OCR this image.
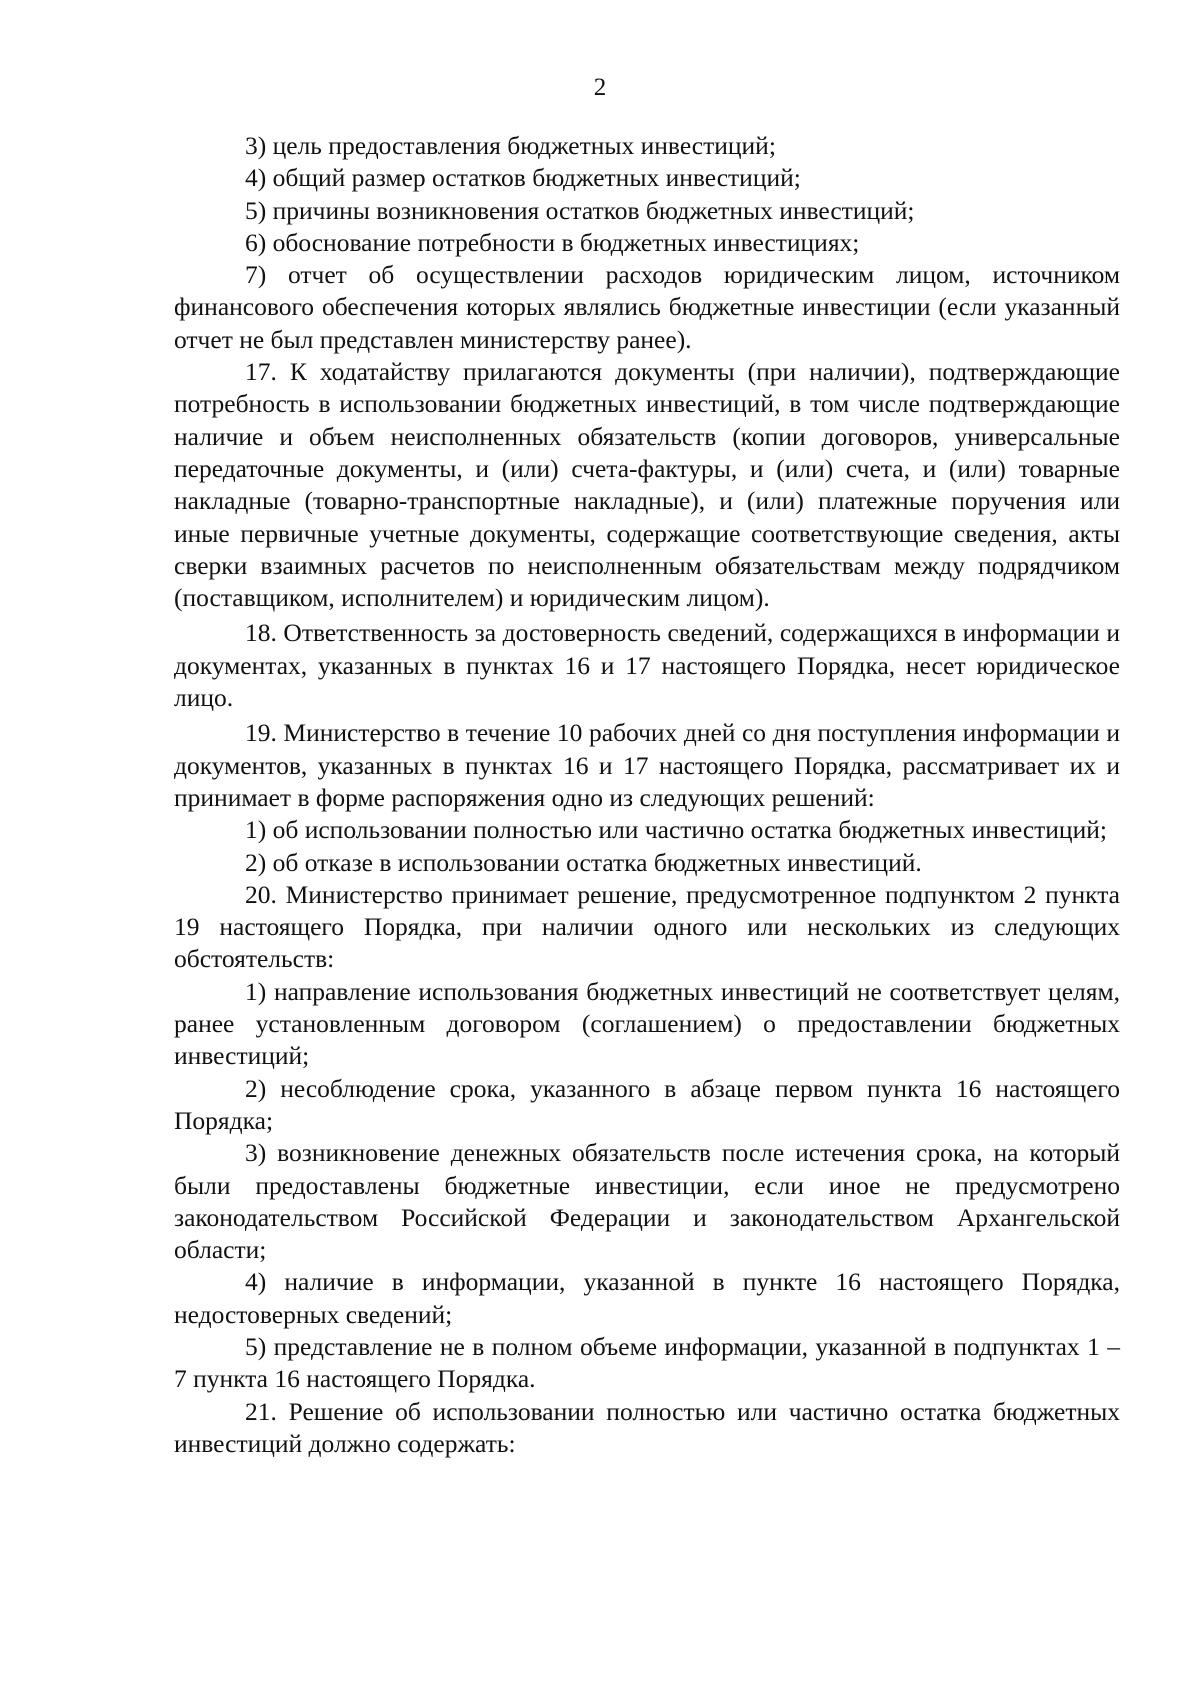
2

3) цель предоставления бюджетных инвестиций;

4) общий размер остатков бюджетных инвестиций;

5) причины возникновения остатков бюджетных инвестиций;

6) обоснование потребности в бюджетных инвестициях;

7) отчет об осуществлении расходов юридическим лицом, источником финансового обеспечения которых являлись бюджетные инвестиции (если указанный отчет не был представлен министерству ранее).

17. К ходатайству прилагаются документы (при наличии), подтверждающие потребность в использовании бюджетных инвестиций, в том числе подтверждающие наличие и объем неисполненных обязательств (копии договоров, универсальные передаточные документы, и (или) счета-фактуры, и (или) счета, и (или) товарные накладные (товарно-транспортные накладные), и (или) платежные поручения или иные первичные учетные документы, содержащие соответствующие сведения, акты сверки взаимных расчетов по неисполненным обязательствам между подрядчиком (поставщиком, исполнителем) и юридическим лицом).

18. Ответственность за достоверность сведений, содержащихся в информации и документах, указанных в пунктах 16 и 17 настоящего Порядка, несет юридическое лицо.

19. Министерство в течение 10 рабочих дней со дня поступления информации и документов, указанных в пунктах 16 и 17 настоящего Порядка, рассматривает их и принимает в форме распоряжения одно из следующих решений:

1) об использовании полностью или частично остатка бюджетных инвестиций;

2) об отказе в использовании остатка бюджетных инвестиций.

20. Министерство принимает решение, предусмотренное подпунктом 2 пункта 19 настоящего Порядка, при наличии одного или нескольких из следующих обстоятельств:

1) направление использования бюджетных инвестиций не соответствует целям, ранее установленным договором (соглашением) о предоставлении бюджетных инвестиций;

2) несоблюдение срока, указанного в абзаце первом пункта 16 настоящего Порядка;

3) возникновение денежных обязательств после истечения срока, на который были предоставлены бюджетные инвестиции, если иное не предусмотрено законодательством Российской Федерации и законодательством Архангельской области;

4) наличие в информации, указанной в пункте 16 настоящего Порядка, недостоверных сведений;

5) представление не в полном объеме информации, указанной в подпунктах 1 – 7 пункта 16 настоящего Порядка.

21. Решение об использовании полностью или частично остатка бюджетных инвестиций должно содержать:
